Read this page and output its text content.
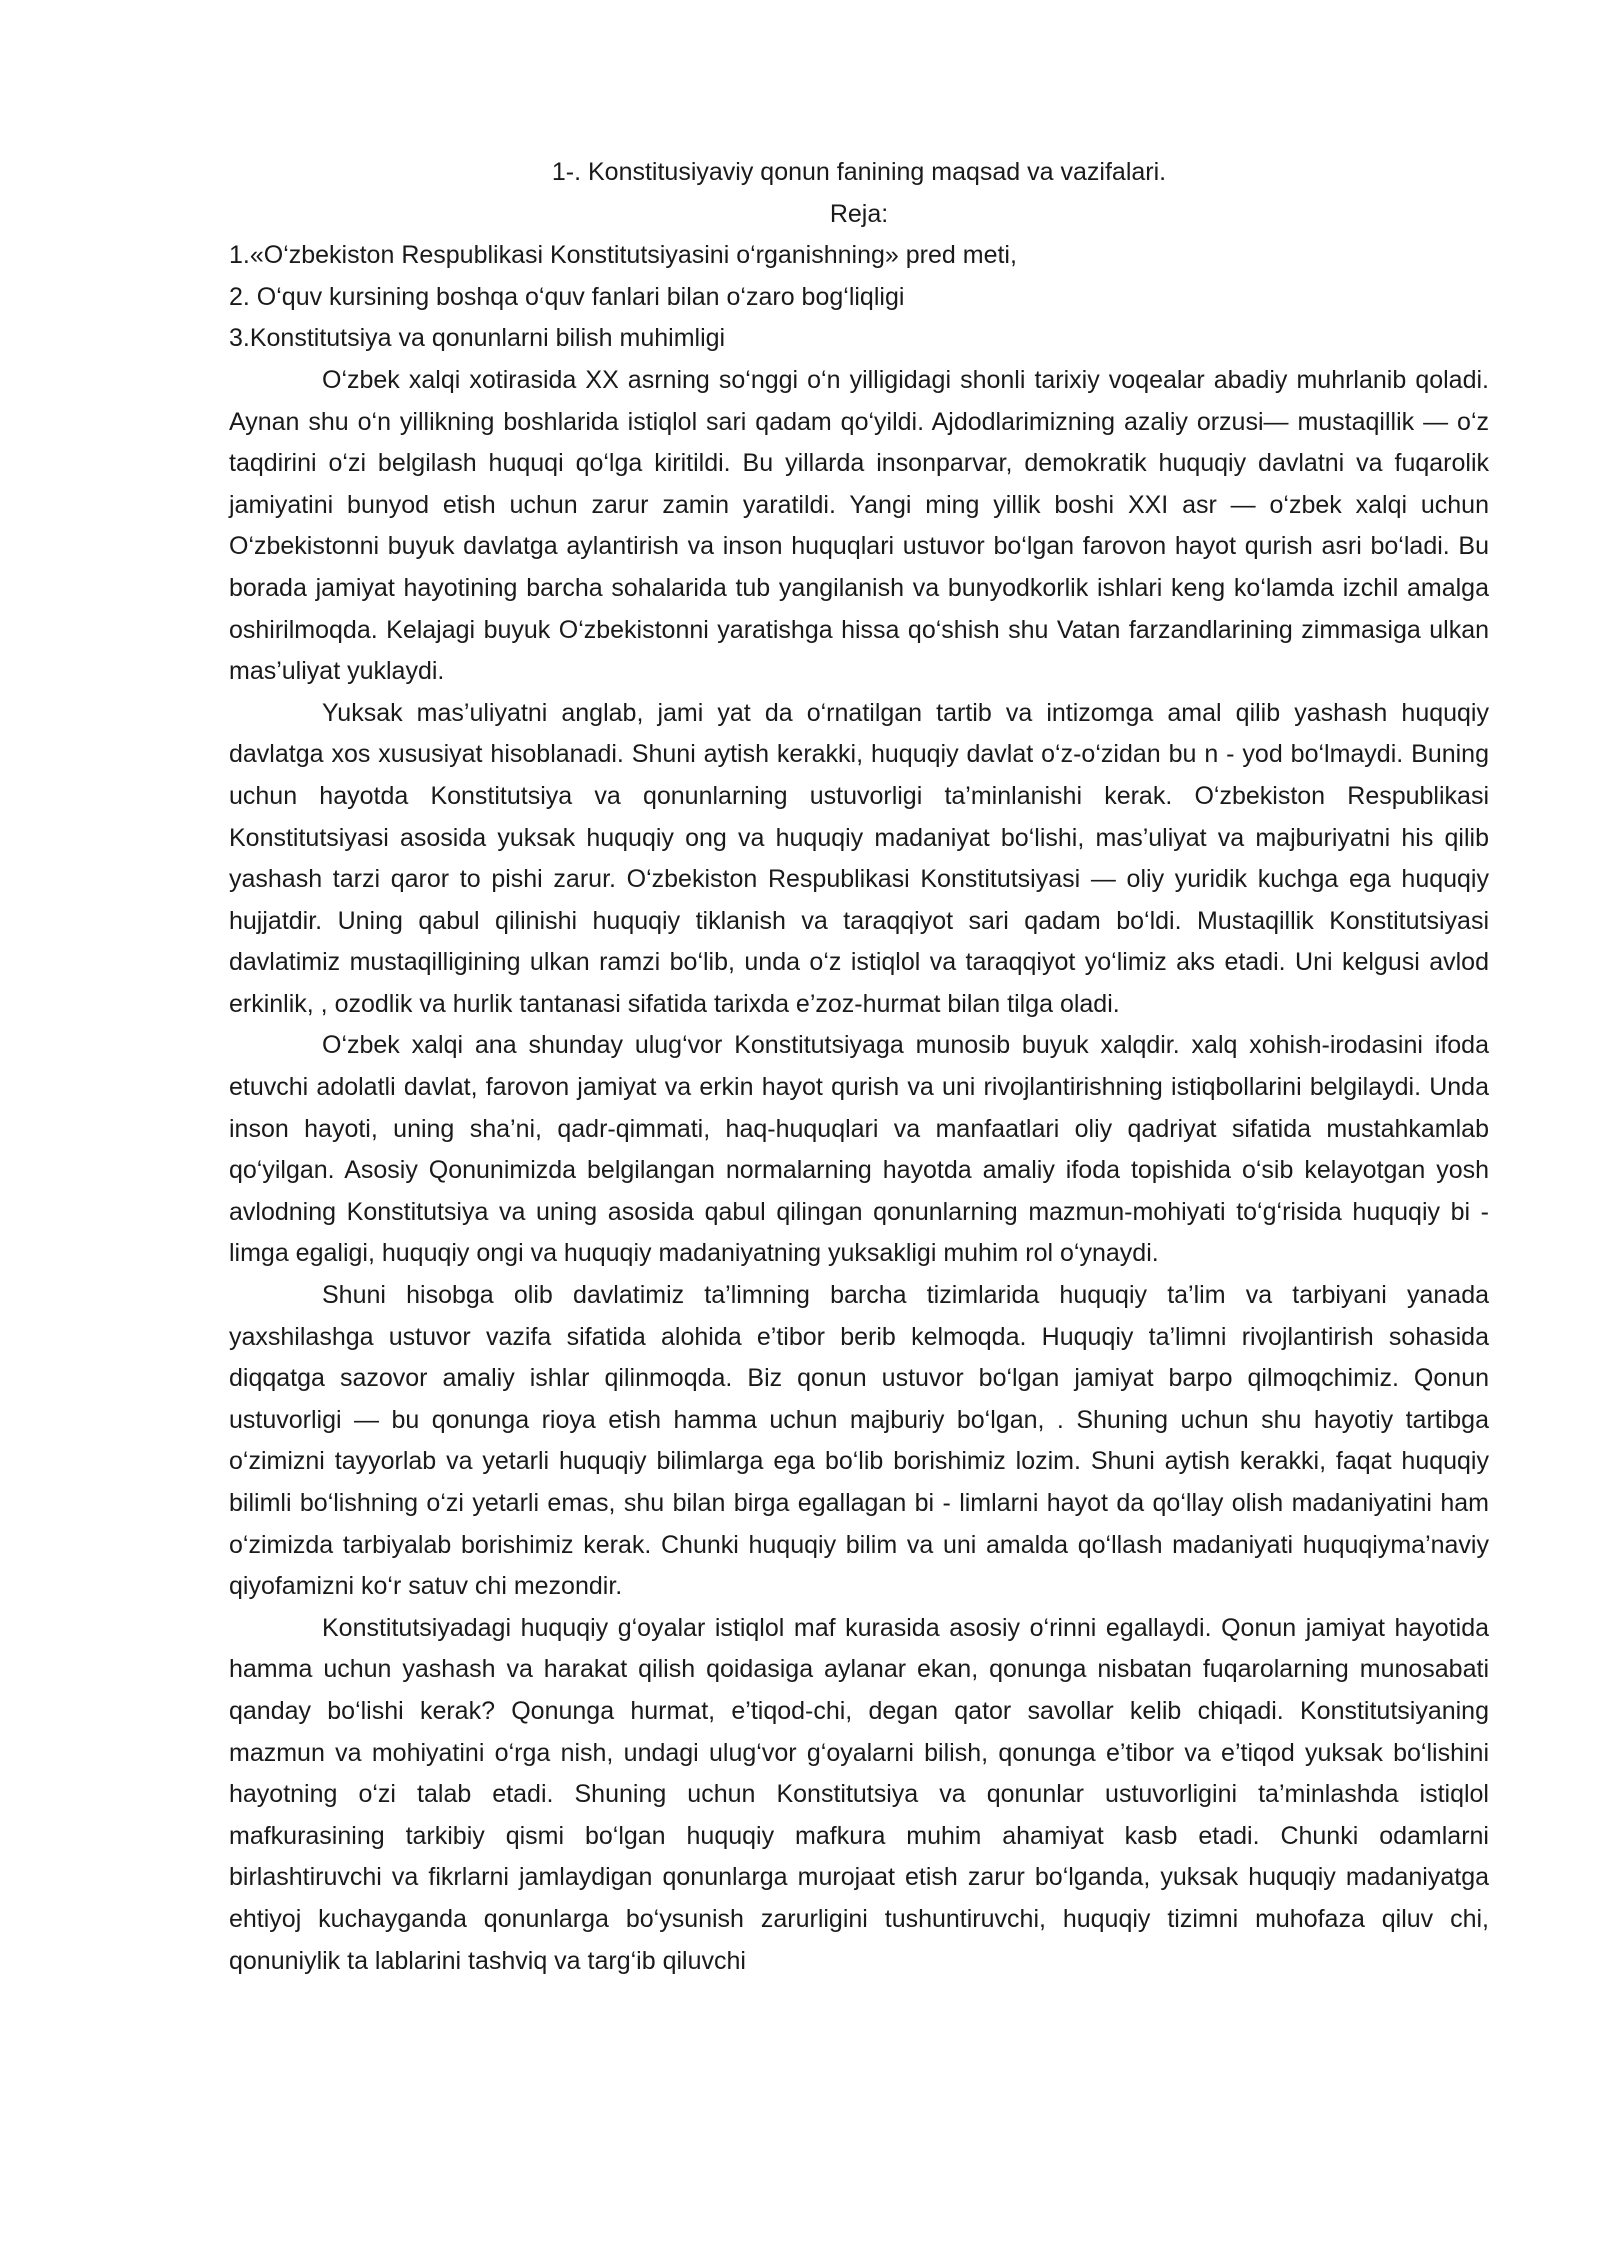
1-. Konstitusiyaviy qonun fanining maqsad va vazifalari.

Reja:

1.«O‘zbekiston Respublikasi Konstitutsiyasini o‘rganishning» pred meti,
2. O‘quv kursining boshqa o‘quv fanlari bilan o‘zaro bog‘liqligi
3.Konstitutsiya va qonunlarni bilish muhimligi

O‘zbek xalqi xotirasida XX asrning so‘nggi o‘n yilligidagi shonli tarixiy voqealar abadiy muhrlanib qoladi. Aynan shu o‘n yillikning boshlarida istiqlol sari qadam qo‘yildi. Ajdodlarimizning azaliy orzusi— mustaqillik — o‘z taqdirini o‘zi belgilash huquqi qo‘lga kiritildi. Bu yillarda insonparvar, demokratik huquqiy davlatni va fuqarolik jamiyatini bunyod etish uchun zarur zamin yaratildi. Yangi ming yillik boshi XXI asr — o‘zbek xalqi uchun O‘zbekistonni buyuk davlatga aylantirish va inson huquqlari ustuvor bo‘lgan farovon hayot qurish asri bo‘ladi. Bu borada jamiyat hayotining barcha sohalarida tub yangilanish va bunyodkorlik ishlari keng ko‘lamda izchil amalga oshirilmoqda. Kelajagi buyuk O‘zbekistonni yaratishga hissa qo‘shish shu Vatan farzandlarining zimmasiga ulkan mas’uliyat yuklaydi.

Yuksak mas’uliyatni anglab, jami yat da o‘rnatilgan tartib va intizomga amal qilib yashash huquqiy davlatga xos xususiyat hisoblanadi. Shuni aytish kerakki, huquqiy davlat o‘z-o‘zidan bu n - yod bo‘lmaydi. Buning uchun hayotda Konstitutsiya va qonunlarning ustuvorligi ta’minlanishi kerak. O‘zbekiston Respublikasi Konstitutsiyasi asosida yuksak huquqiy ong va huquqiy madaniyat bo‘lishi, mas’uliyat va majburiyatni his qilib yashash tarzi qaror to pishi zarur. O‘zbekiston Respublikasi Konstitutsiyasi — oliy yuridik kuchga ega huquqiy hujjatdir. Uning qabul qilinishi huquqiy tiklanish va taraqqiyot sari qadam bo‘ldi. Mustaqillik Konstitutsiyasi davlatimiz mustaqilligining ulkan ramzi bo‘lib, unda o‘z istiqlol va taraqqiyot yo‘limiz aks etadi. Uni kelgusi avlod erkinlik, , ozodlik va hurlik tantanasi sifatida tarixda e’zoz-hurmat bilan tilga oladi.

O‘zbek xalqi ana shunday ulug‘vor Konstitutsiyaga munosib buyuk xalqdir. xalq xohish-irodasini ifoda etuvchi adolatli davlat, farovon jamiyat va erkin hayot qurish va uni rivojlantirishning istiqbollarini belgilaydi. Unda inson hayoti, uning sha’ni, qadr-qimmati, haq-huquqlari va manfaatlari oliy qadriyat sifatida mustahkamlab qo‘yilgan. Asosiy Qonunimizda belgilangan normalarning hayotda amaliy ifoda topishida o‘sib kelayotgan yosh avlodning Konstitutsiya va uning asosida qabul qilingan qonunlarning mazmun-mohiyati to‘g‘risida huquqiy bi - limga egaligi, huquqiy ongi va huquqiy madaniyatning yuksakligi muhim rol o‘ynaydi.

Shuni hisobga olib davlatimiz ta’limning barcha tizimlarida huquqiy ta’lim va tarbiyani yanada yaxshilashga ustuvor vazifa sifatida alohida e’tibor berib kelmoqda. Huquqiy ta’limni rivojlantirish sohasida diqqatga sazovor amaliy ishlar qilinmoqda. Biz qonun ustuvor bo‘lgan jamiyat barpo qilmoqchimiz. Qonun ustuvorligi — bu qonunga rioya etish hamma uchun majburiy bo‘lgan, . Shuning uchun shu hayotiy tartibga o‘zimizni tayyorlab va yetarli huquqiy bilimlarga ega bo‘lib borishimiz lozim. Shuni aytish kerakki, faqat huquqiy bilimli bo‘lishning o‘zi yetarli emas, shu bilan birga egallagan bi - limlarni hayot da qo‘llay olish madaniyatini ham o‘zimizda tarbiyalab borishimiz kerak. Chunki huquqiy bilim va uni amalda qo‘llash madaniyati huquqiyma’naviy qiyofamizni ko‘r satuv chi mezondir.

Konstitutsiyadagi huquqiy g‘oyalar istiqlol maf kurasida asosiy o‘rinni egallaydi. Qonun jamiyat hayotida hamma uchun yashash va harakat qilish qoidasiga aylanar ekan, qonunga nisbatan fuqarolarning munosabati qanday bo‘lishi kerak? Qonunga hurmat, e’tiqod-chi, degan qator savollar kelib chiqadi. Konstitutsiyaning mazmun va mohiyatini o‘rga nish, undagi ulug‘vor g‘oyalarni bilish, qonunga e’tibor va e’tiqod yuksak bo‘lishini hayotning o‘zi talab etadi. Shuning uchun Konstitutsiya va qonunlar ustuvorligini ta’minlashda istiqlol mafkurasining tarkibiy qismi bo‘lgan huquqiy mafkura muhim ahamiyat kasb etadi. Chunki odamlarni birlashtiruvchi va fikrlarni jamlaydigan qonunlarga murojaat etish zarur bo‘lganda, yuksak huquqiy madaniyatga ehtiyoj kuchayganda qonunlarga bo‘ysunish zarurligini tushuntiruvchi, huquqiy tizimni muhofaza qiluv chi, qonuniylik ta lablarini tashviq va targ‘ib qiluvchi
